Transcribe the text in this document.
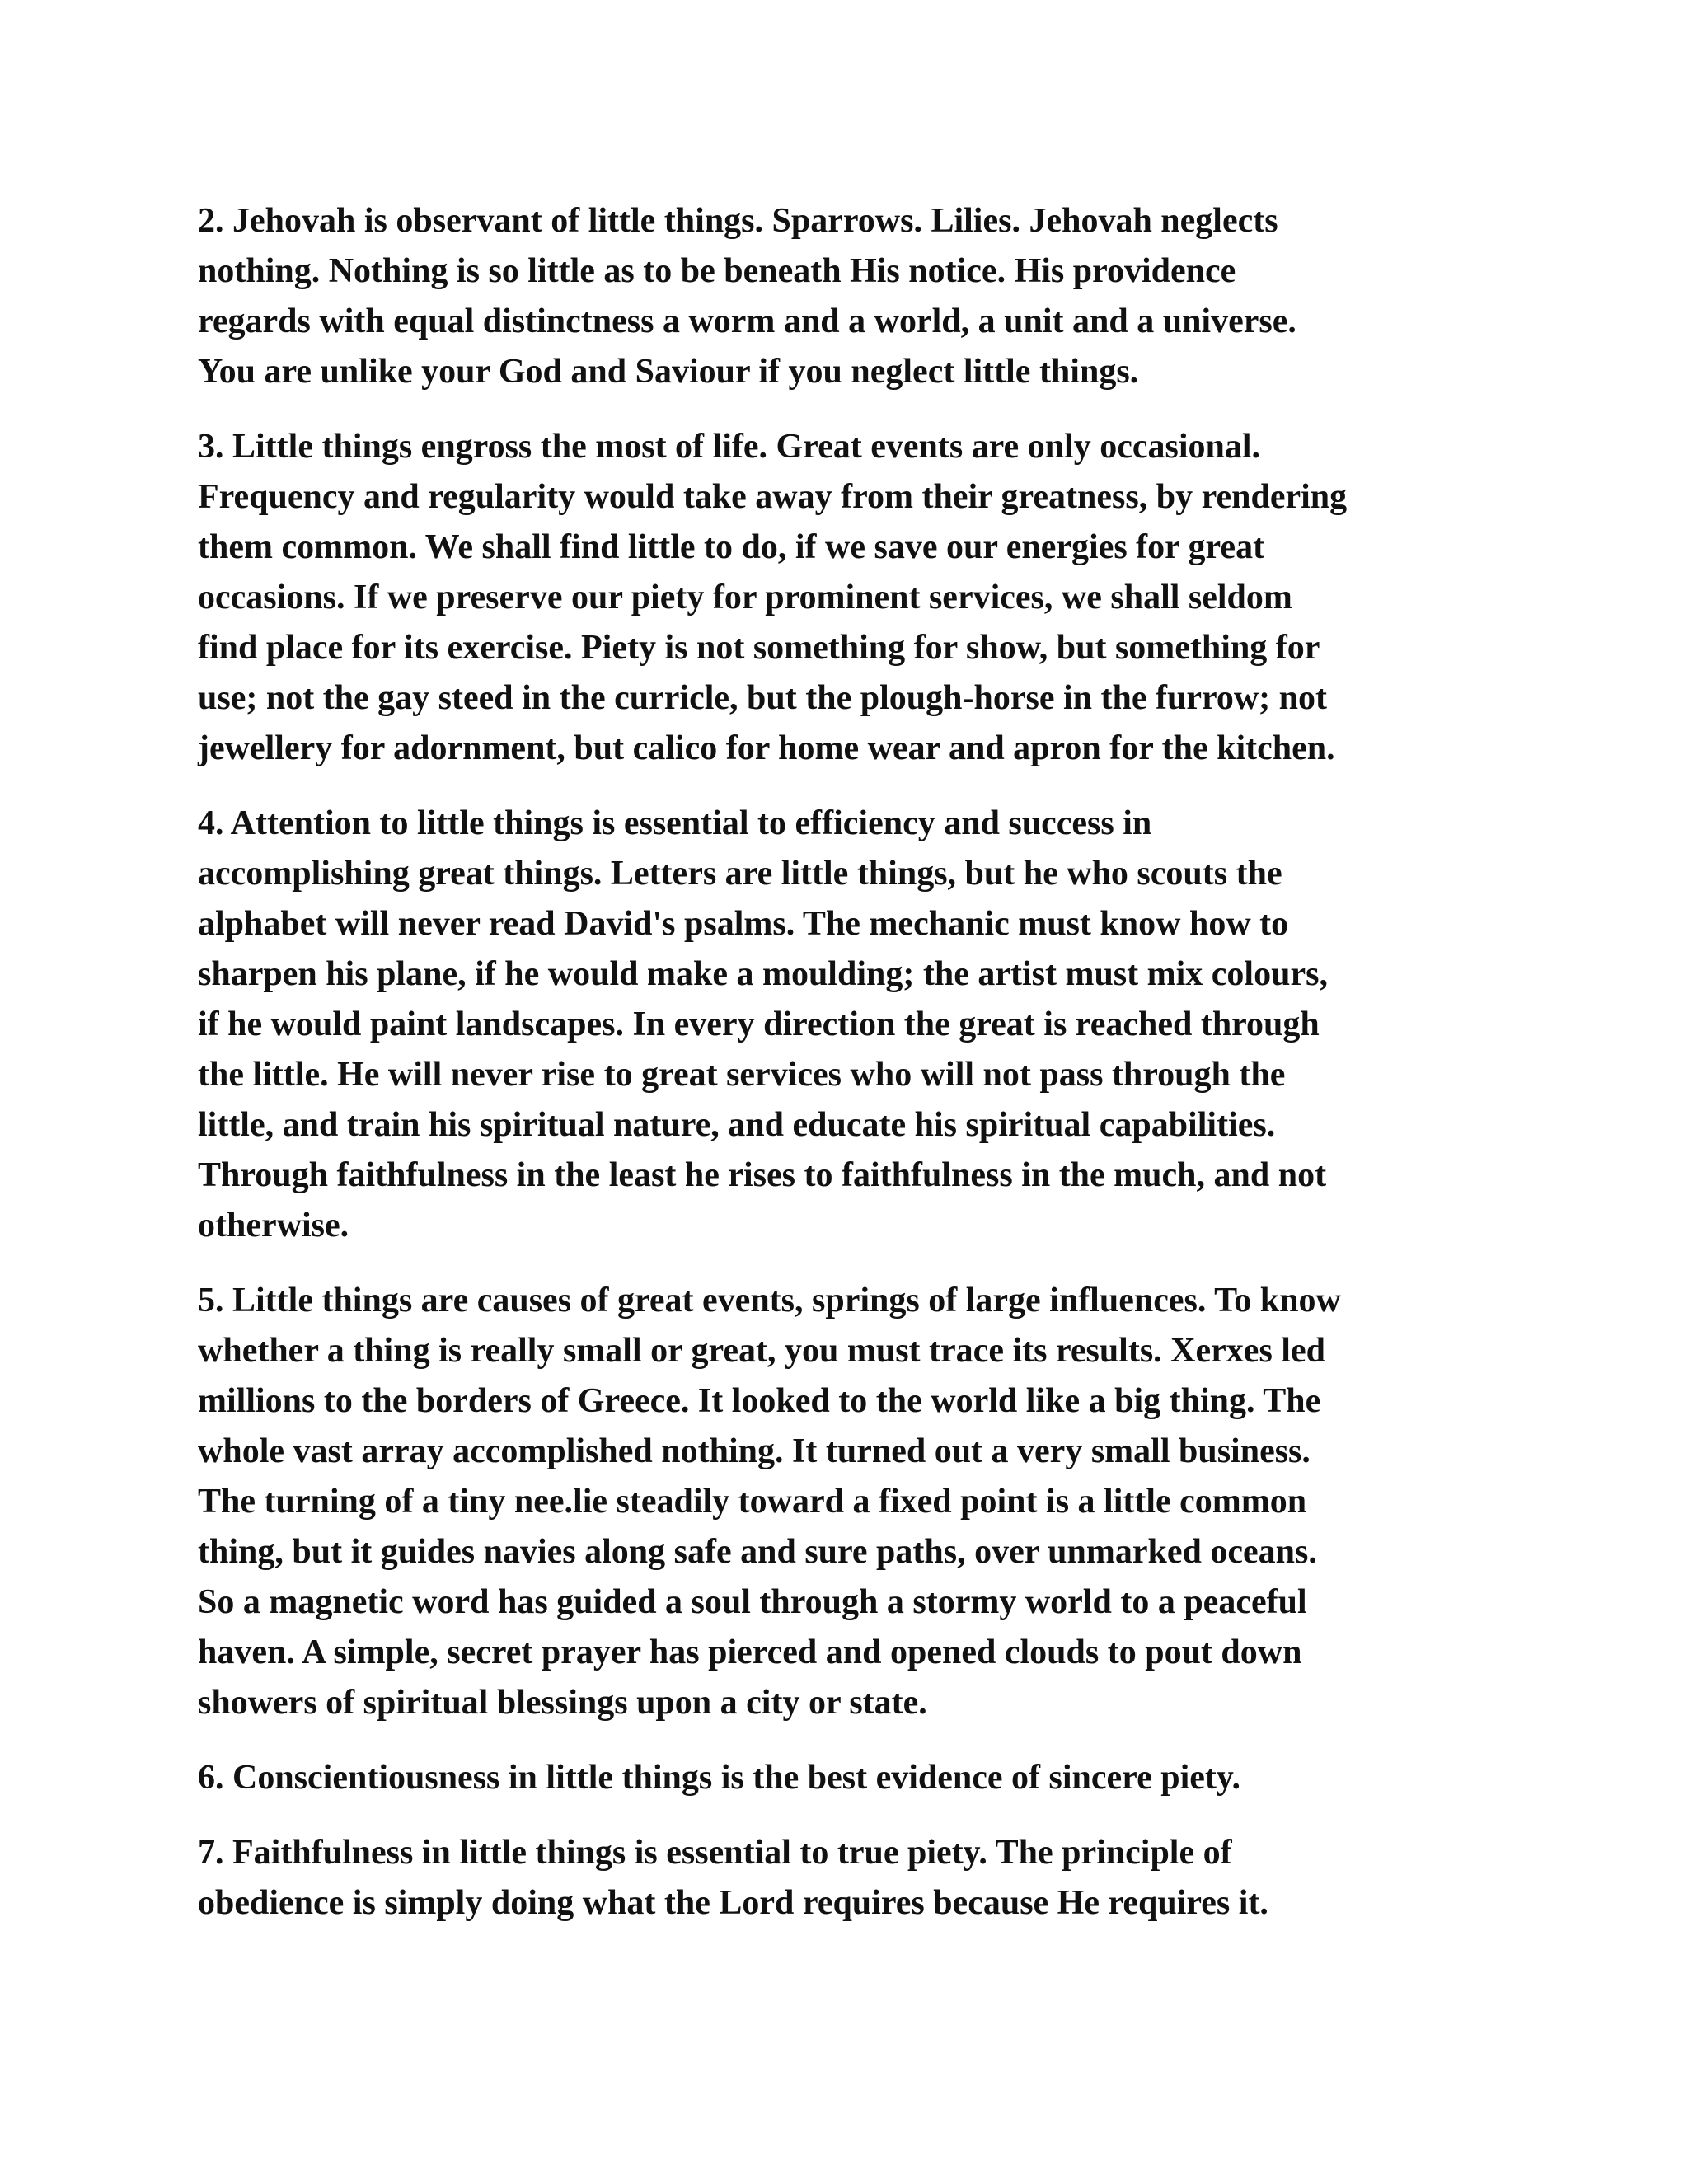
2. Jehovah is observant of little things. Sparrows. Lilies. Jehovah neglects
nothing. Nothing is so little as to be beneath His notice. His providence
regards with equal distinctness a worm and a world, a unit and a universe.
You are unlike your God and Saviour if you neglect little things.

3. Little things engross the most of life. Great events are only occasional.
Frequency and regularity would take away from their greatness, by rendering
them common. We shall find little to do, if we save our energies for great
occasions. If we preserve our piety for prominent services, we shall seldom
find place for its exercise. Piety is not something for show, but something for
use; not the gay steed in the curricle, but the plough-horse in the furrow; not
jewellery for adornment, but calico for home wear and apron for the kitchen.

4. Attention to little things is essential to efficiency and success in
accomplishing great things. Letters are little things, but he who scouts the
alphabet will never read David's psalms. The mechanic must know how to
sharpen his plane, if he would make a moulding; the artist must mix colours,
if he would paint landscapes. In every direction the great is reached through
the little. He will never rise to great services who will not pass through the
little, and train his spiritual nature, and educate his spiritual capabilities.
Through faithfulness in the least he rises to faithfulness in the much, and not
otherwise.

5. Little things are causes of great events, springs of large influences. To know
whether a thing is really small or great, you must trace its results. Xerxes led
millions to the borders of Greece. It looked to the world like a big thing. The
whole vast array accomplished nothing. It turned out a very small business.
The turning of a tiny nee.lie steadily toward a fixed point is a little common
thing, but it guides navies along safe and sure paths, over unmarked oceans.
So a magnetic word has guided a soul through a stormy world to a peaceful
haven. A simple, secret prayer has pierced and opened clouds to pout down
showers of spiritual blessings upon a city or state.

6. Conscientiousness in little things is the best evidence of sincere piety.

7. Faithfulness in little things is essential to true piety. The principle of
obedience is simply doing what the Lord requires because He requires it.
